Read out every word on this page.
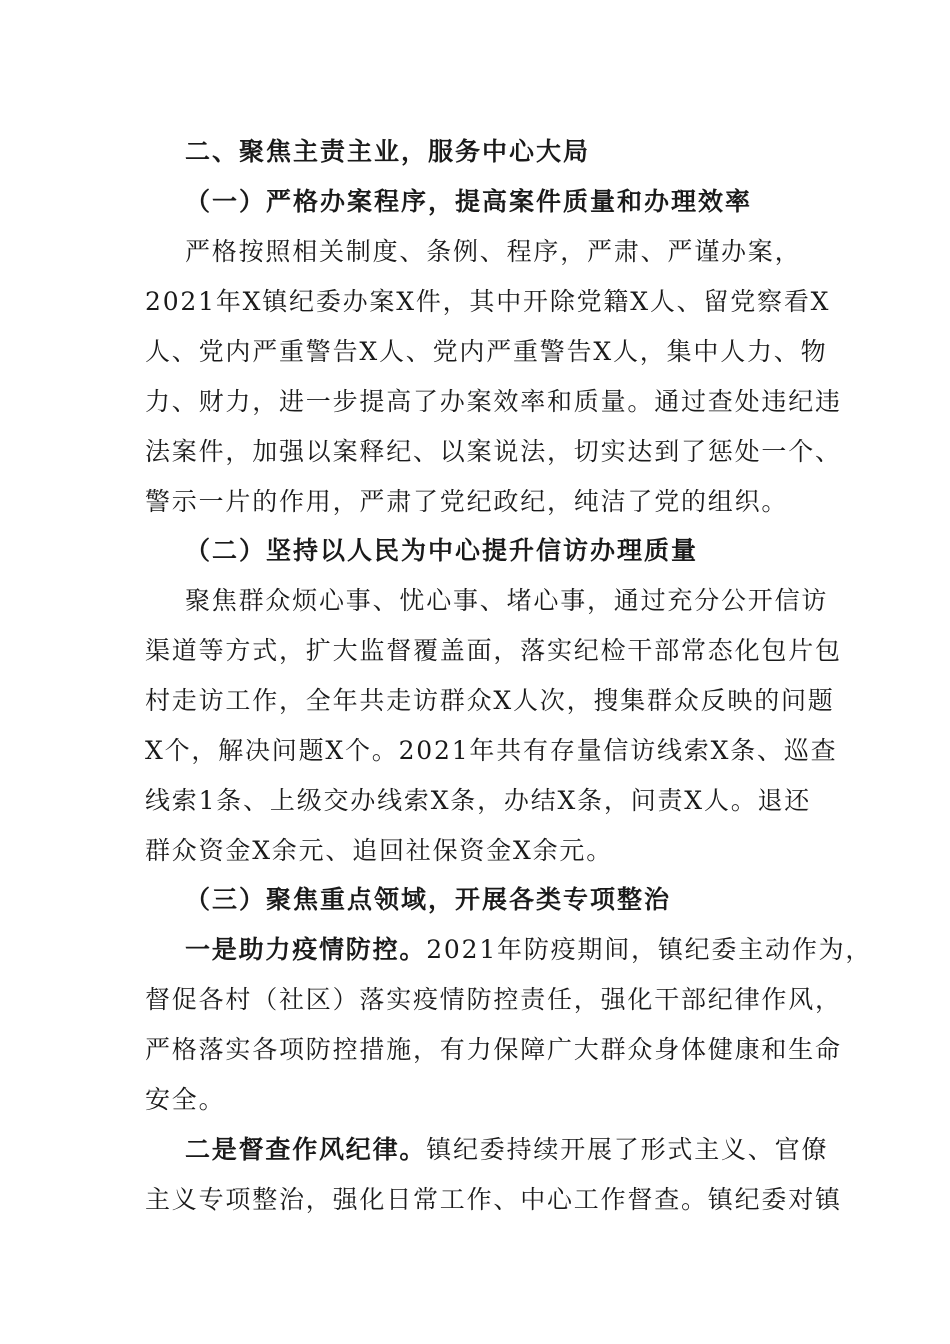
二、聚焦主责主业，服务中心大局
（一）严格办案程序，提高案件质量和办理效率
严格按照相关制度、条例、程序，严肃、严谨办案，
2021年X镇纪委办案X件，其中开除党籍X人、留党察看X
人、党内严重警告X人、党内严重警告X人，集中人力、物
力、财力，进一步提高了办案效率和质量。通过查处违纪违
法案件，加强以案释纪、以案说法，切实达到了惩处一个、
警示一片的作用，严肃了党纪政纪，纯洁了党的组织。
（二）坚持以人民为中心提升信访办理质量
聚焦群众烦心事、忧心事、堵心事，通过充分公开信访
渠道等方式，扩大监督覆盖面，落实纪检干部常态化包片包
村走访工作，全年共走访群众X人次，搜集群众反映的问题
X个，解决问题X个。2021年共有存量信访线索X条、巡查
线索1条、上级交办线索X条，办结X条，问责X人。退还
群众资金X余元、追回社保资金X余元。
（三）聚焦重点领域，开展各类专项整治
一是助力疫情防控。2021年防疫期间，镇纪委主动作为，
督促各村（社区）落实疫情防控责任，强化干部纪律作风，
严格落实各项防控措施，有力保障广大群众身体健康和生命
安全。
二是督查作风纪律。镇纪委持续开展了形式主义、官僚
主义专项整治，强化日常工作、中心工作督查。镇纪委对镇
